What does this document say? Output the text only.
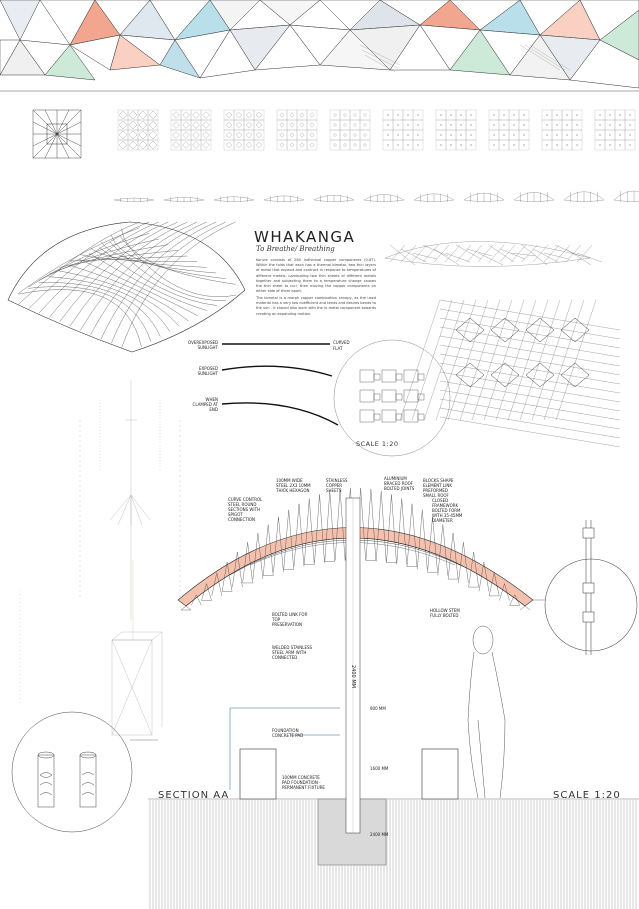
WHAKANGA
To Breathe/ Breathing
Korure consists of 280 individual copper components (0.6T). Within the folds that each has a thermal bimetal, two thin layers of metal that expand and contract in response to temperatures of different metals. Laminating two thin sheets of different metals together and subjecting them to a temperature change causes the thin sheet to curl, then moving the copper components on either side of them apart.
The bimetal is a morph copper combination canopy, as the used material has a very low coefficient and tends and desires bends to the sun - it should also work with the hi-metal component towards creating an expanding motion.
OVEREXPOSED SUNLIGHT
EXPOSED SUNLIGHT
WHEN CLAMPED AT END
CURVED
FLAT
SCALE 1:20
SECTION AA	SCALE 1:20
100MM WIDE STEEL 2X3 10MM THICK HEXAGON
STAINLESS COPPER SHEETS
CURVE CONTROL STEEL ROUND SECTIONS WITH SPIGOT CONNECTION
ALUMINIUM BRACED ROOF BOLTED JOINTS
BLOCKS SHAPE ELEMENT LINK PREFORMED SMALL ROOF
CLOSED FRAMEWORK BOLTED FORM WITH 35-45MM DIAMETER
BOLTED LINK FOR TOP PRESERVATION
WELDED STAINLESS STEEL ARM WITH CONNECTED
FOUNDATION CONCRETE PAD
HOLLOW STEM FULLY BOLTED
100MM CONCRETE PAD FOUNDATION - PERMANENT FIXTURE
2400 MM
900 MM
1600 MM
2400 MM
